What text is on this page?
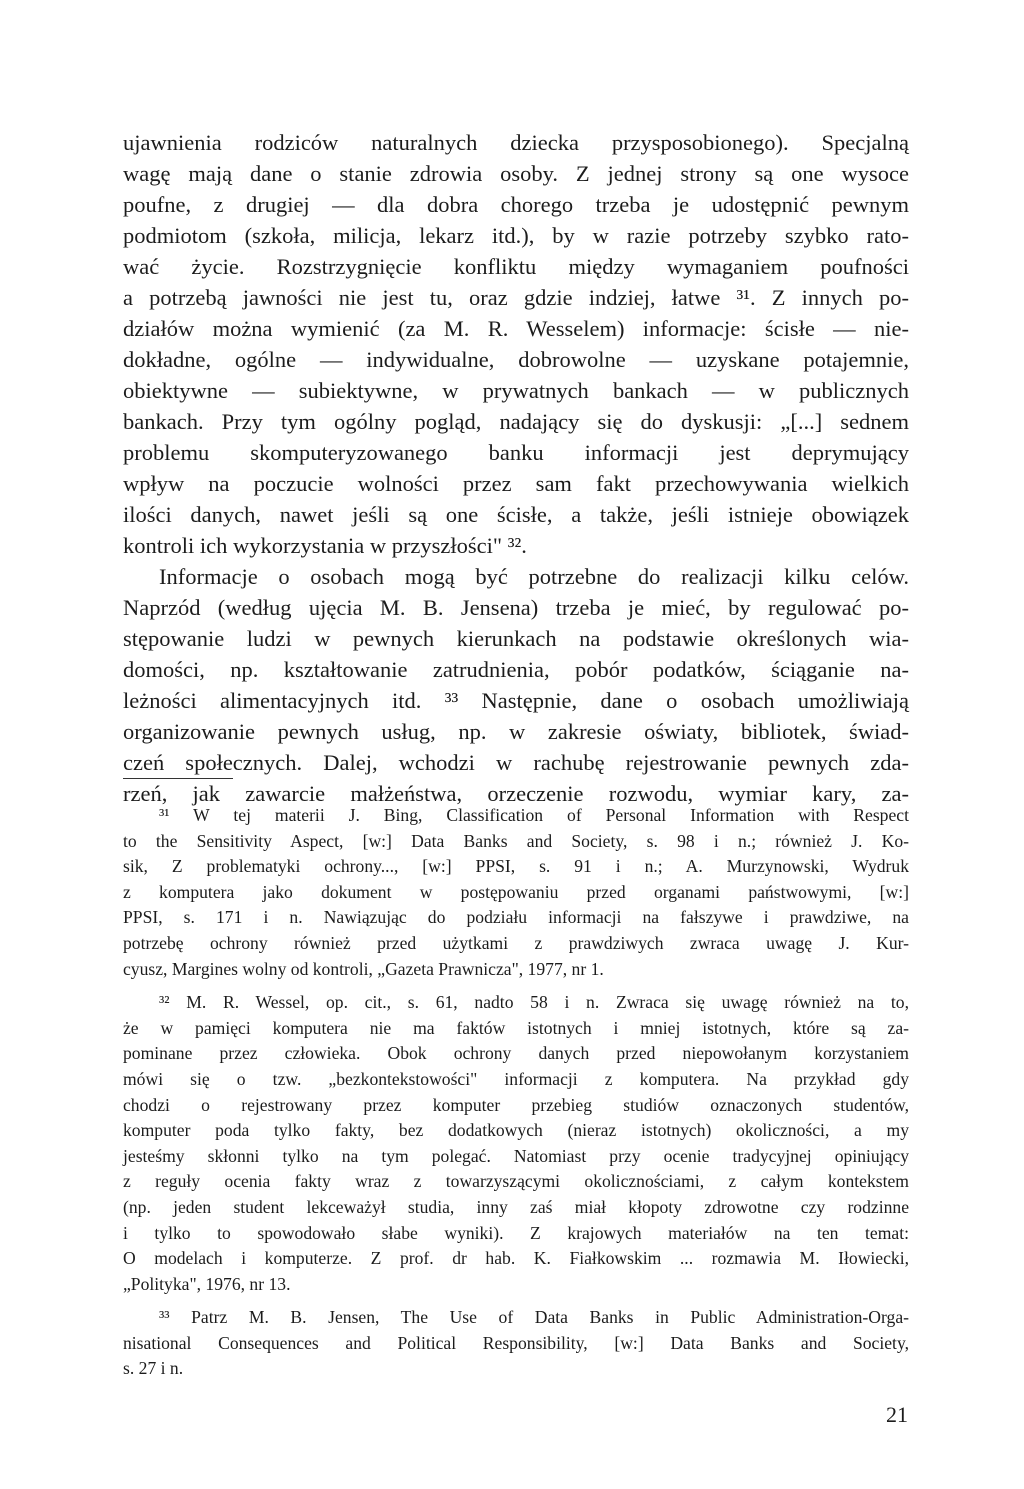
ujawnienia rodziców naturalnych dziecka przysposobionego). Specjalną
wagę mają dane o stanie zdrowia osoby. Z jednej strony są one wysoce
poufne, z drugiej — dla dobra chorego trzeba je udostępnić pewnym
podmiotom (szkoła, milicja, lekarz itd.), by w razie potrzeby szybko rato-
wać życie. Rozstrzygnięcie konfliktu między wymaganiem poufności
a potrzebą jawności nie jest tu, oraz gdzie indziej, łatwe ³¹. Z innych po-
działów można wymienić (za M. R. Wesselem) informacje: ścisłe — nie-
dokładne, ogólne — indywidualne, dobrowolne — uzyskane potajemnie,
obiektywne — subiektywne, w prywatnych bankach — w publicznych
bankach. Przy tym ogólny pogląd, nadający się do dyskusji: „[...] sednem
problemu skomputeryzowanego banku informacji jest deprymujący
wpływ na poczucie wolności przez sam fakt przechowywania wielkich
ilości danych, nawet jeśli są one ścisłe, a także, jeśli istnieje obowiązek
kontroli ich wykorzystania w przyszłości" ³².
Informacje o osobach mogą być potrzebne do realizacji kilku celów.
Naprzód (według ujęcia M. B. Jensena) trzeba je mieć, by regulować po-
stępowanie ludzi w pewnych kierunkach na podstawie określonych wia-
domości, np. kształtowanie zatrudnienia, pobór podatków, ściąganie na-
leżności alimentacyjnych itd. ³³ Następnie, dane o osobach umożliwiają
organizowanie pewnych usług, np. w zakresie oświaty, bibliotek, świad-
czeń społecznych. Dalej, wchodzi w rachubę rejestrowanie pewnych zda-
rzeń, jak zawarcie małżeństwa, orzeczenie rozwodu, wymiar kary, za-
³¹ W tej materii J. Bing, Classification of Personal Information with Respect
to the Sensitivity Aspect, [w:] Data Banks and Society, s. 98 i n.; również J. Ko-
sik, Z problematyki ochrony..., [w:] PPSI, s. 91 i n.; A. Murzynowski, Wydruk
z komputera jako dokument w postępowaniu przed organami państwowymi, [w:]
PPSI, s. 171 i n. Nawiązując do podziału informacji na fałszywe i prawdziwe, na
potrzebę ochrony również przed użytkami z prawdziwych zwraca uwagę J. Kur-
cyusz, Margines wolny od kontroli, „Gazeta Prawnicza", 1977, nr 1.
³² M. R. Wessel, op. cit., s. 61, nadto 58 i n. Zwraca się uwagę również na to,
że w pamięci komputera nie ma faktów istotnych i mniej istotnych, które są za-
pominane przez człowieka. Obok ochrony danych przed niepowołanym korzystaniem
mówi się o tzw. „bezkontekstowości" informacji z komputera. Na przykład gdy
chodzi o rejestrowany przez komputer przebieg studiów oznaczonych studentów,
komputer poda tylko fakty, bez dodatkowych (nieraz istotnych) okoliczności, a my
jesteśmy skłonni tylko na tym polegać. Natomiast przy ocenie tradycyjnej opiniujący
z reguły ocenia fakty wraz z towarzyszącymi okolicznościami, z całym kontekstem
(np. jeden student lekceważył studia, inny zaś miał kłopoty zdrowotne czy rodzinne
i tylko to spowodowało słabe wyniki). Z krajowych materiałów na ten temat:
O modelach i komputerze. Z prof. dr hab. K. Fiałkowskim ... rozmawia M. Iłowiecki,
„Polityka", 1976, nr 13.
³³ Patrz M. B. Jensen, The Use of Data Banks in Public Administration-Orga-
nisational Consequences and Political Responsibility, [w:] Data Banks and Society,
s. 27 i n.
21
